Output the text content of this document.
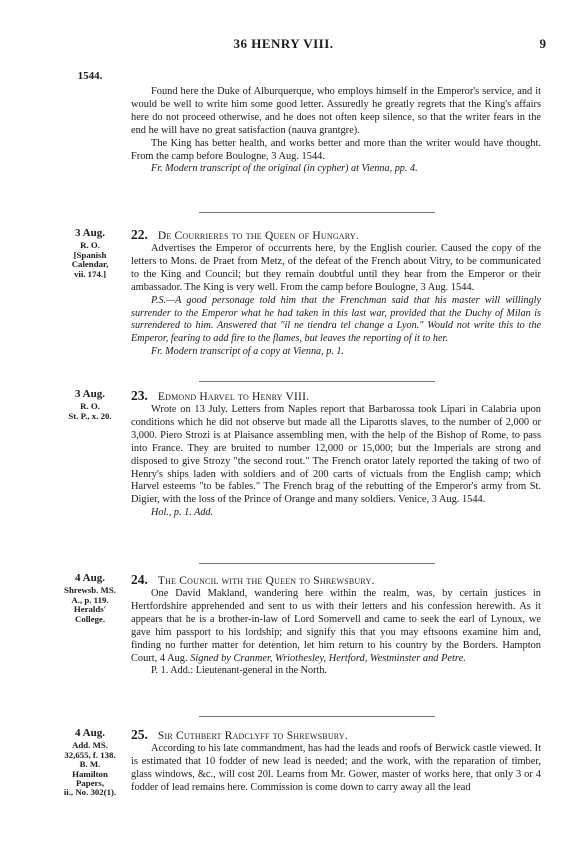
36 HENRY VIII.	9
1544.

Found here the Duke of Alburquerque, who employs himself in the Emperor's service, and it would be well to write him some good letter. Assuredly he greatly regrets that the King's affairs here do not proceed otherwise, and he does not often keep silence, so that the writer fears in the end he will have no great satisfaction (nauva grantgre).

The King has better health, and works better and more than the writer would have thought. From the camp before Boulogne, 3 Aug. 1544.

Fr. Modern transcript of the original (in cypher) at Vienna, pp. 4.
3 Aug.
R. O.
[Spanish
Calendar,
vii. 174.]
22. De Courrieres to the Queen of Hungary.

Advertises the Emperor of occurrents here, by the English courier. Caused the copy of the letters to Mons. de Praet from Metz, of the defeat of the French about Vitry, to be communicated to the King and Council; but they remain doubtful until they hear from the Emperor or their ambassador. The King is very well. From the camp before Boulogne, 3 Aug. 1544.

P.S.—A good personage told him that the Frenchman said that his master will willingly surrender to the Emperor what he had taken in this last war, provided that the Duchy of Milan is surrendered to him. Answered that "il ne tiendra tel change a Lyon." Would not write this to the Emperor, fearing to add fire to the flames, but leaves the reporting of it to her.
Fr. Modern transcript of a copy at Vienna, p. 1.
3 Aug.
R. O.
St. P., x. 20.
23. Edmond Harvel to Henry VIII.

Wrote on 13 July. Letters from Naples report that Barbarossa took Lipari in Calabria upon conditions which he did not observe but made all the Liparotts slaves, to the number of 2,000 or 3,000. Piero Strozi is at Plaisance assembling men, with the help of the Bishop of Rome, to pass into France. They are bruited to number 12,000 or 15,000; but the Imperials are strong and disposed to give Strozy "the second rout." The French orator lately reported the taking of two of Henry's ships laden with soldiers and of 200 carts of victuals from the English camp; which Harvel esteems "to be fables." The French brag of the rebutting of the Emperor's army from St. Digier, with the loss of the Prince of Orange and many soldiers. Venice, 3 Aug. 1544.

Hol., p. 1. Add.
4 Aug.
Shrewsb. MS.
A., p. 119.
Heralds'
College.
24. The Council with the Queen to Shrewsbury.

One David Makland, wandering here within the realm, was, by certain justices in Hertfordshire apprehended and sent to us with their letters and his confession herewith. As it appears that he is a brother-in-law of Lord Somervell and came to seek the earl of Lynoux, we gave him passport to his lordship; and signify this that you may eftsoons examine him and, finding no further matter for detention, let him return to his country by the Borders. Hampton Court, 4 Aug. Signed by Cranmer, Wriothesley, Hertford, Westminster and Petre.

P. 1. Add.: Lieutenant-general in the North.
4 Aug.
Add. MS.
32,655, f. 138.
B. M.
Hamilton
Papers,
ii., No. 302(1).
25. Sir Cuthbert Radclyff to Shrewsbury.

According to his late commandment, has had the leads and roofs of Berwick castle viewed. It is estimated that 10 fodder of new lead is needed; and the work, with the reparation of timber, glass windows, &c., will cost 20l. Learns from Mr. Gower, master of works here, that only 3 or 4 fodder of lead remains here. Commission is come down to carry away all the lead
